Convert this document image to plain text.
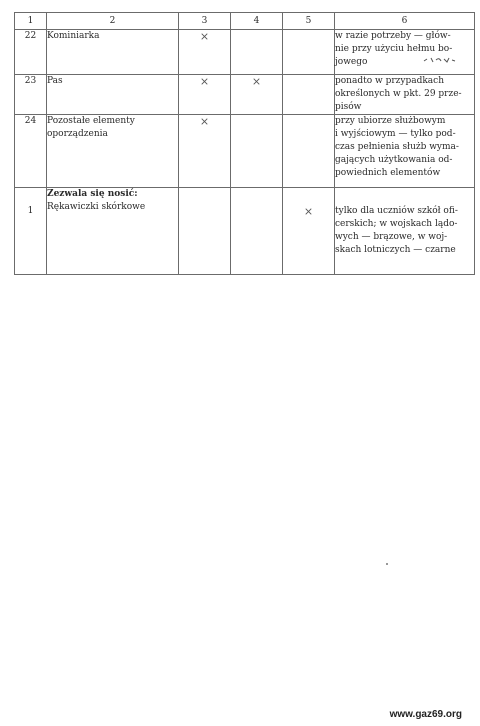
1	2	3	4	5	6
22	Kominiarka	×			w razie potrzeby — głów-
nie przy użyciu hełmu bo-
jowego

23	Pas	×	×		ponadto w przypadkach
określonych w pkt. 29 prze-
pisów

24	Pozostałe elementy
oporządzenia	×			przy ubiorze służbowym
i wyjściowym — tylko pod-
czas pełnienia służb wyma-
gających użytkowania od-
powiednich elementów

1	Zezwala się nosić:
Rękawiczki skórkowe			×	tylko dla uczniów szkół ofi-
cerskich; w wojskach lądo-
wych — brązowe, w woj-
skach lotniczych — czarne
www.gaz69.org
